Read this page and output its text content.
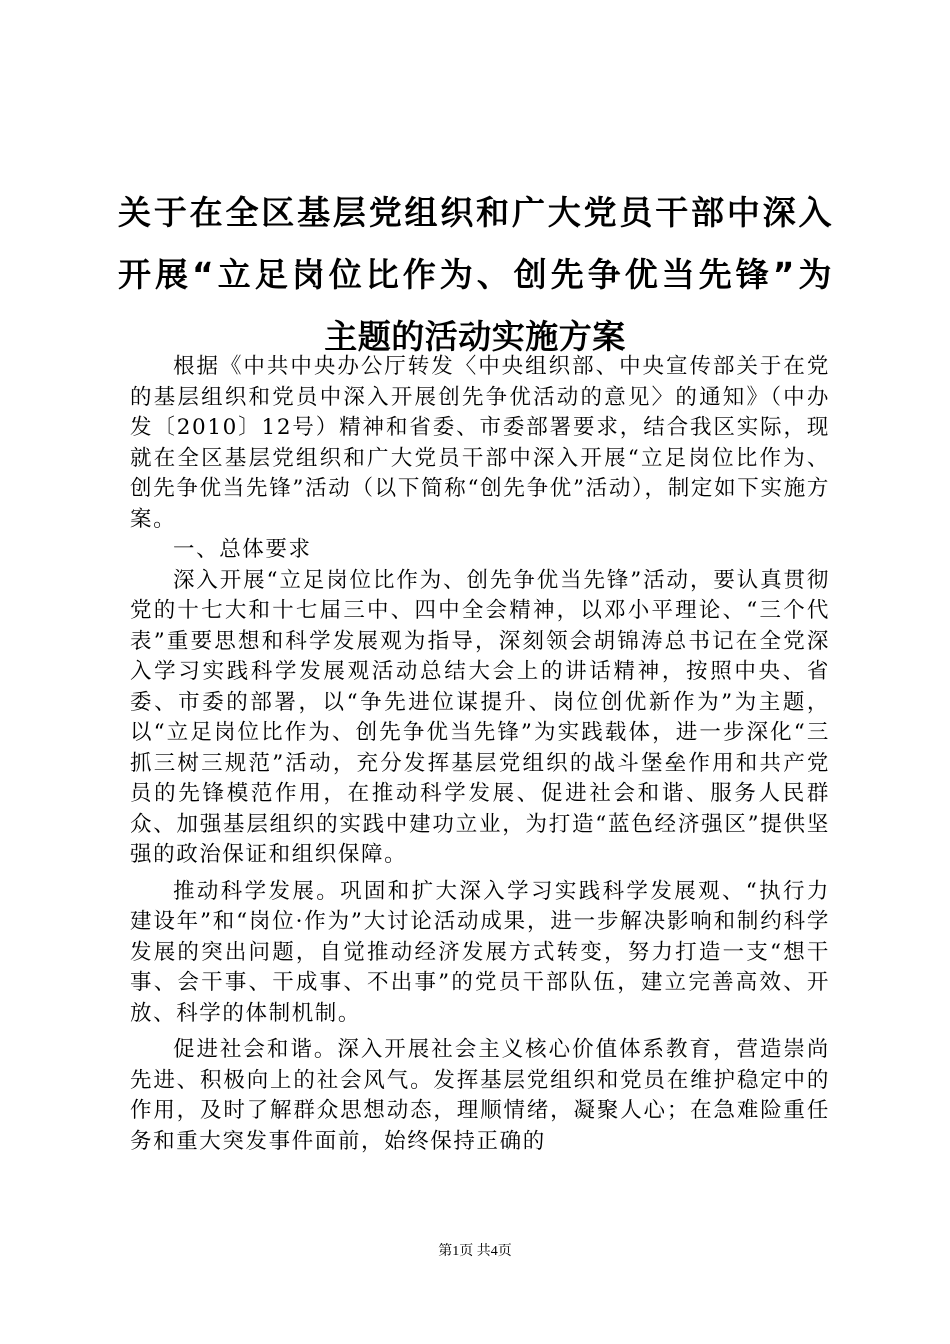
关于在全区基层党组织和广大党员干部中深入
开展“立足岗位比作为、创先争优当先锋”为
主题的活动实施方案

根据《中共中央办公厅转发〈中央组织部、中央宣传部关于在党的基层组织和党员中深入开展创先争优活动的意见〉的通知》（中办发〔2010〕12号）精神和省委、市委部署要求，结合我区实际，现就在全区基层党组织和广大党员干部中深入开展“立足岗位比作为、创先争优当先锋”活动（以下简称“创先争优”活动），制定如下实施方案。

一、总体要求

深入开展“立足岗位比作为、创先争优当先锋”活动，要认真贯彻党的十七大和十七届三中、四中全会精神，以邓小平理论、“三个代表”重要思想和科学发展观为指导，深刻领会胡锦涛总书记在全党深入学习实践科学发展观活动总结大会上的讲话精神，按照中央、省委、市委的部署，以“争先进位谋提升、岗位创优新作为”为主题，以“立足岗位比作为、创先争优当先锋”为实践载体，进一步深化“三抓三树三规范”活动，充分发挥基层党组织的战斗堡垒作用和共产党员的先锋模范作用，在推动科学发展、促进社会和谐、服务人民群众、加强基层组织的实践中建功立业，为打造“蓝色经济强区”提供坚强的政治保证和组织保障。

推动科学发展。巩固和扩大深入学习实践科学发展观、“执行力建设年”和“岗位·作为”大讨论活动成果，进一步解决影响和制约科学发展的突出问题，自觉推动经济发展方式转变，努力打造一支“想干事、会干事、干成事、不出事”的党员干部队伍，建立完善高效、开放、科学的体制机制。

促进社会和谐。深入开展社会主义核心价值体系教育，营造崇尚先进、积极向上的社会风气。发挥基层党组织和党员在维护稳定中的作用，及时了解群众思想动态，理顺情绪，凝聚人心；在急难险重任务和重大突发事件面前，始终保持正确的

第1页 共4页
